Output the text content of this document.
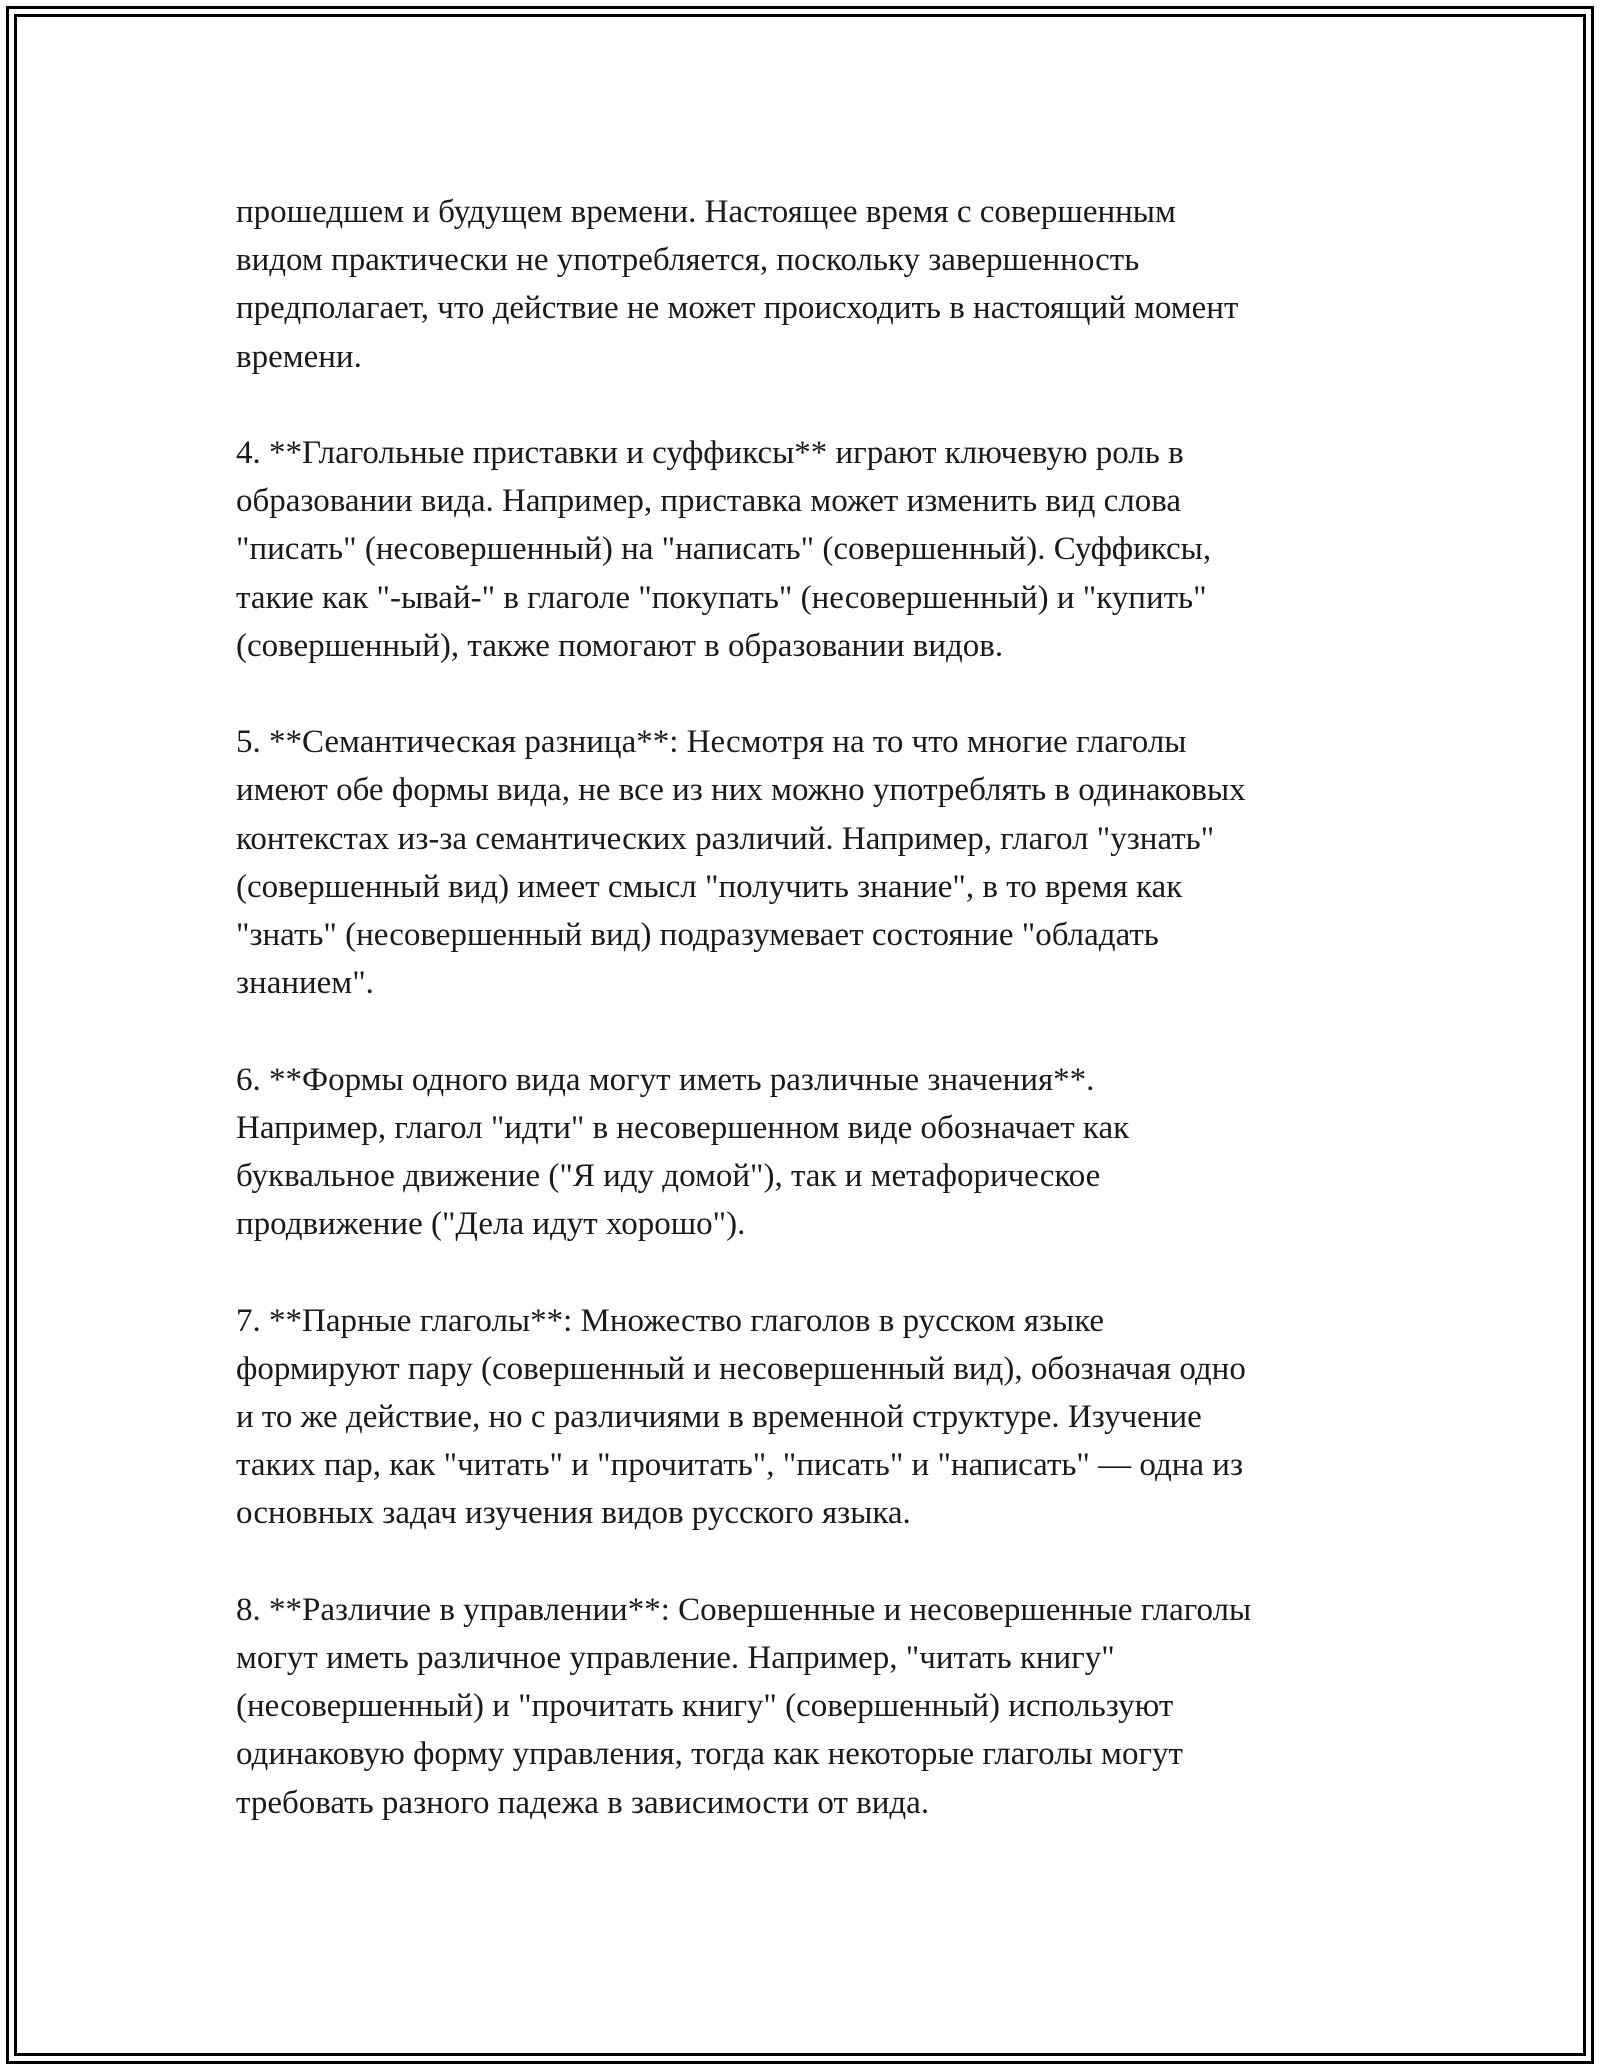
прошедшем и будущем времени. Настоящее время с совершенным
видом практически не употребляется, поскольку завершенность
предполагает, что действие не может происходить в настоящий момент
времени.

4. **Глагольные приставки и суффиксы** играют ключевую роль в
образовании вида. Например, приставка может изменить вид слова
"писать" (несовершенный) на "написать" (совершенный). Суффиксы,
такие как "-ывай-" в глаголе "покупать" (несовершенный) и "купить"
(совершенный), также помогают в образовании видов.

5. **Семантическая разница**: Несмотря на то что многие глаголы
имеют обе формы вида, не все из них можно употреблять в одинаковых
контекстах из-за семантических различий. Например, глагол "узнать"
(совершенный вид) имеет смысл "получить знание", в то время как
"знать" (несовершенный вид) подразумевает состояние "обладать
знанием".

6. **Формы одного вида могут иметь различные значения**.
Например, глагол "идти" в несовершенном виде обозначает как
буквальное движение ("Я иду домой"), так и метафорическое
продвижение ("Дела идут хорошо").

7. **Парные глаголы**: Множество глаголов в русском языке
формируют пару (совершенный и несовершенный вид), обозначая одно
и то же действие, но с различиями в временной структуре. Изучение
таких пар, как "читать" и "прочитать", "писать" и "написать" — одна из
основных задач изучения видов русского языка.

8. **Различие в управлении**: Совершенные и несовершенные глаголы
могут иметь различное управление. Например, "читать книгу"
(несовершенный) и "прочитать книгу" (совершенный) используют
одинаковую форму управления, тогда как некоторые глаголы могут
требовать разного падежа в зависимости от вида.
